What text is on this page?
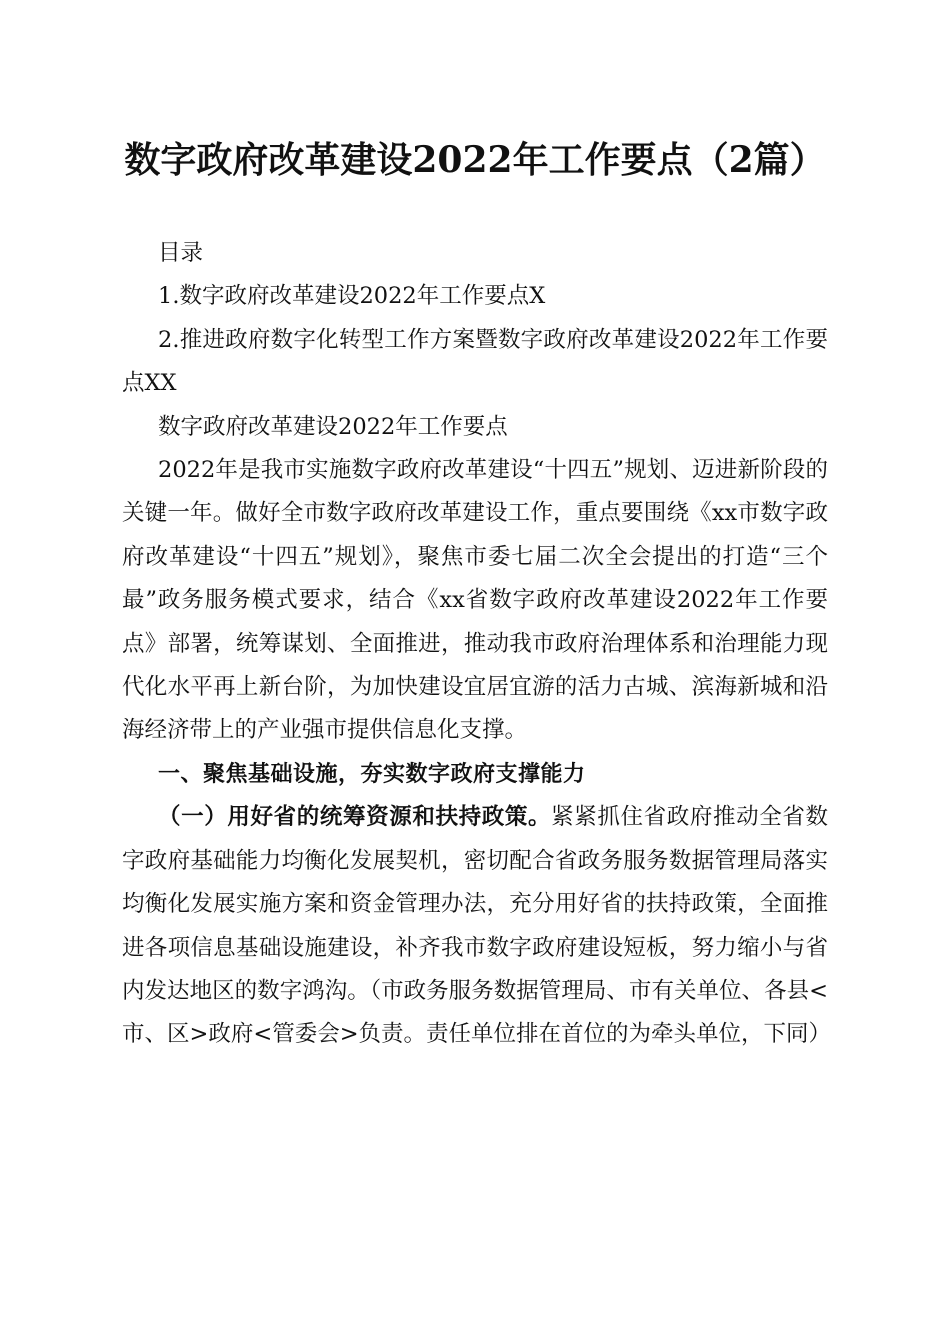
数字政府改革建设2022年工作要点（2篇）

目录

1.数字政府改革建设2022年工作要点X

2.推进政府数字化转型工作方案暨数字政府改革建设2022年工作要点XX

数字政府改革建设2022年工作要点

2022年是我市实施数字政府改革建设“十四五”规划、迈进新阶段的关键一年。做好全市数字政府改革建设工作，重点要围绕《xx市数字政府改革建设“十四五”规划》，聚焦市委七届二次全会提出的打造“三个最”政务服务模式要求，结合《xx省数字政府改革建设2022年工作要点》部署，统筹谋划、全面推进，推动我市政府治理体系和治理能力现代化水平再上新台阶，为加快建设宜居宜游的活力古城、滨海新城和沿海经济带上的产业强市提供信息化支撑。

一、聚焦基础设施，夯实数字政府支撑能力

（一）用好省的统筹资源和扶持政策。紧紧抓住省政府推动全省数字政府基础能力均衡化发展契机，密切配合省政务服务数据管理局落实均衡化发展实施方案和资金管理办法，充分用好省的扶持政策，全面推进各项信息基础设施建设，补齐我市数字政府建设短板，努力缩小与省内发达地区的数字鸿沟。（市政务服务数据管理局、市有关单位、各县<市、区>政府<管委会>负责。责任单位排在首位的为牵头单位，下同）
